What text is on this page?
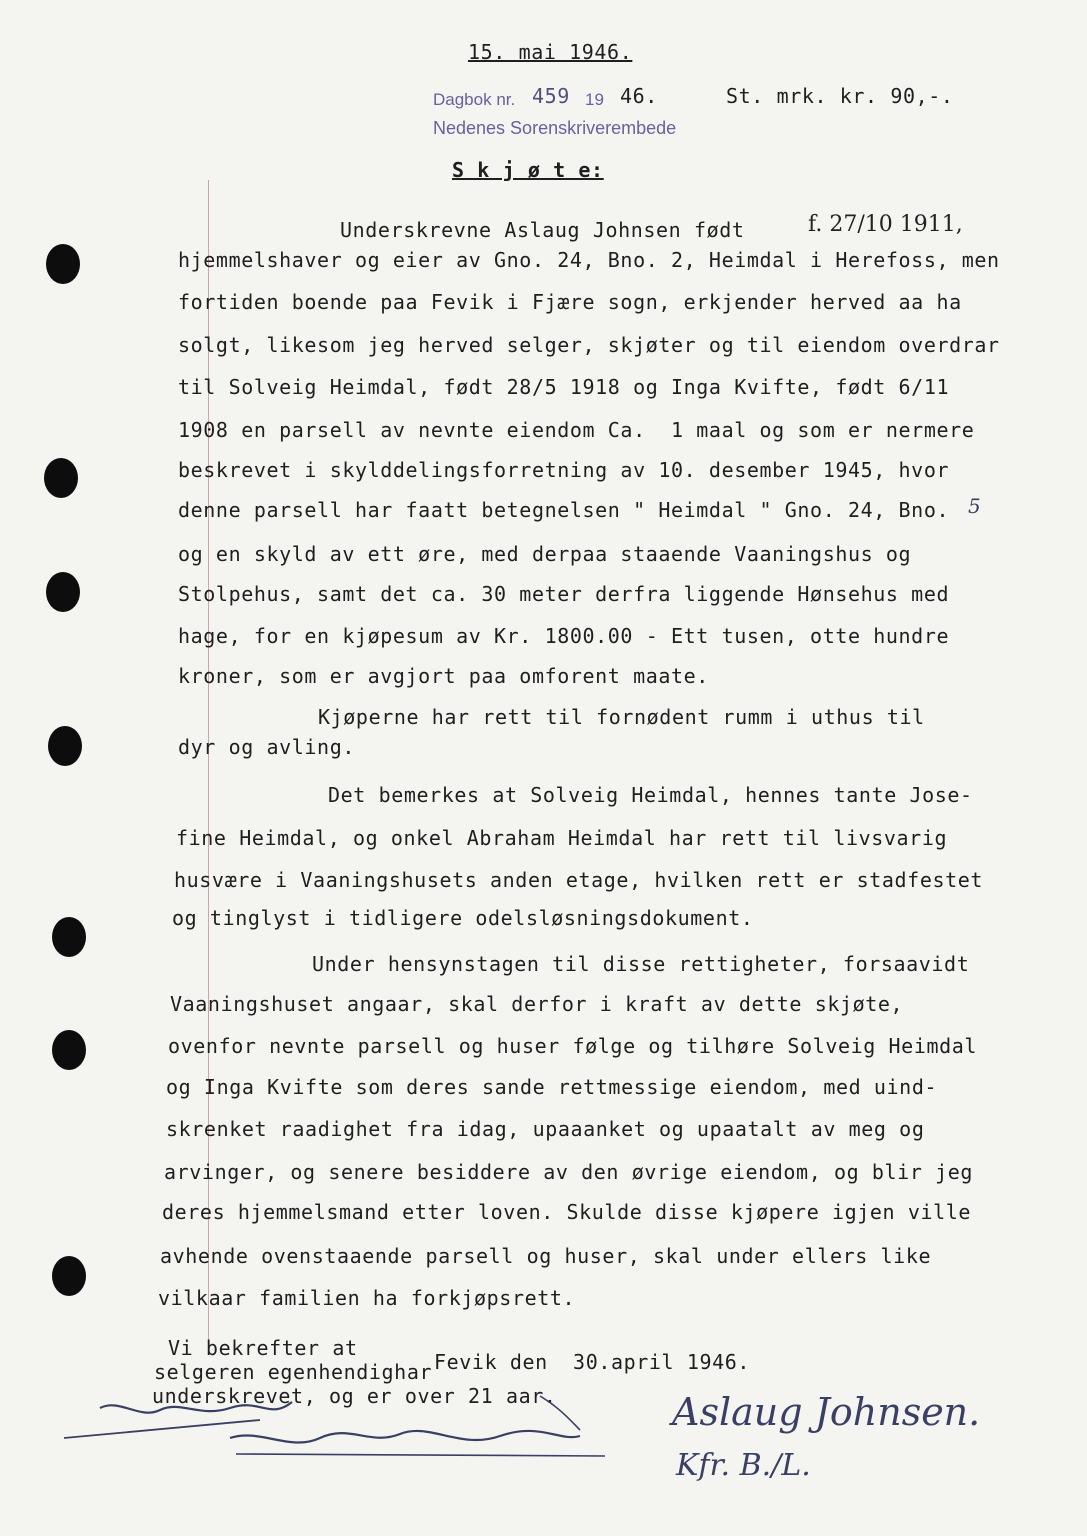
15. mai 1946.
Dagbok nr. 459 19 46.	St. mrk. kr. 90,-.
Nedenes Sorenskriverembede
S k j ø t e:
Underskrevne Aslaug Johnsen født	f. 27/10 1911,
hjemmelshaver og eier av Gno. 24, Bno. 2, Heimdal i Herefoss, men
fortiden boende paa Fevik i Fjære sogn, erkjender herved aa ha
solgt, likesom jeg herved selger, skjøter og til eiendom overdrar
til Solveig Heimdal, født 28/5 1918 og Inga Kvifte, født 6/11
1908 en parsell av nevnte eiendom Ca.  1 maal og som er nermere
beskrevet i skylddelingsforretning av 10. desember 1945, hvor
denne parsell har faatt betegnelsen " Heimdal " Gno. 24, Bno. 5
og en skyld av ett øre, med derpaa staaende Vaaningshus og
Stolpehus, samt det ca. 30 meter derfra liggende Hønsehus med
hage, for en kjøpesum av Kr. 1800.00 - Ett tusen, otte hundre
kroner, som er avgjort paa omforent maate.
Kjøperne har rett til fornødent rumm i uthus til
dyr og avling.
Det bemerkes at Solveig Heimdal, hennes tante Jose-
fine Heimdal, og onkel Abraham Heimdal har rett til livsvarig
husvære i Vaaningshusets anden etage, hvilken rett er stadfestet
og tinglyst i tidligere odelsløsningsdokument.
Under hensynstagen til disse rettigheter, forsaavidt
Vaaningshuset angaar, skal derfor i kraft av dette skjøte,
ovenfor nevnte parsell og huser følge og tilhøre Solveig Heimdal
og Inga Kvifte som deres sande rettmessige eiendom, med uind-
skrenket raadighet fra idag, upaaanket og upaatalt av meg og
arvinger, og senere besiddere av den øvrige eiendom, og blir jeg
deres hjemmelsmand etter loven. Skulde disse kjøpere igjen ville
avhende ovenstaaende parsell og huser, skal under ellers like
vilkaar familien ha forkjøpsrett.
Vi bekrefter at
selgeren egenhendighar
underskrevet, og er over 21 aar.
Fevik den  30.april 1946.
Aslaug Johnsen.
Kfr. B./L.
